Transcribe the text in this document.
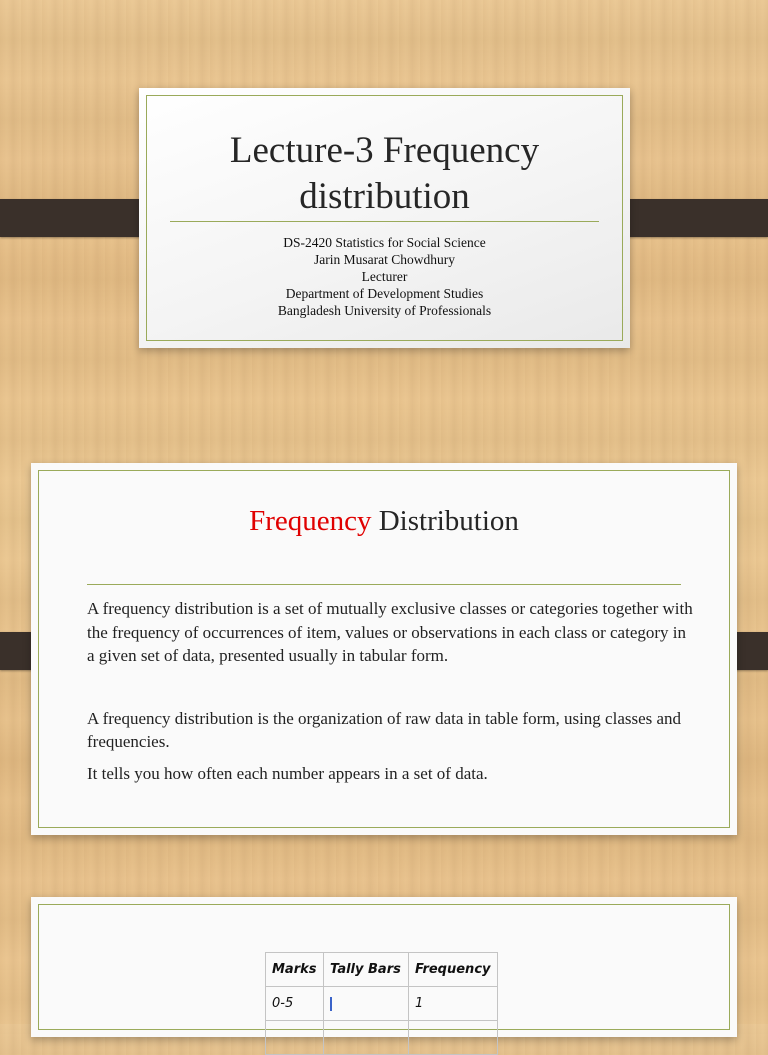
Lecture-3 Frequency distribution
DS-2420 Statistics for Social Science
Jarin Musarat Chowdhury
Lecturer
Department of Development Studies
Bangladesh University of Professionals
Frequency Distribution

A frequency distribution is a set of mutually exclusive classes or categories together with the frequency of occurrences of item, values or observations in each class or category in a given set of data, presented usually in tabular form.

A frequency distribution is the organization of raw data in table form, using classes and frequencies.

It tells you how often each number appears in a set of data.

Marks	Tally Bars	Frequency
0-5		1
